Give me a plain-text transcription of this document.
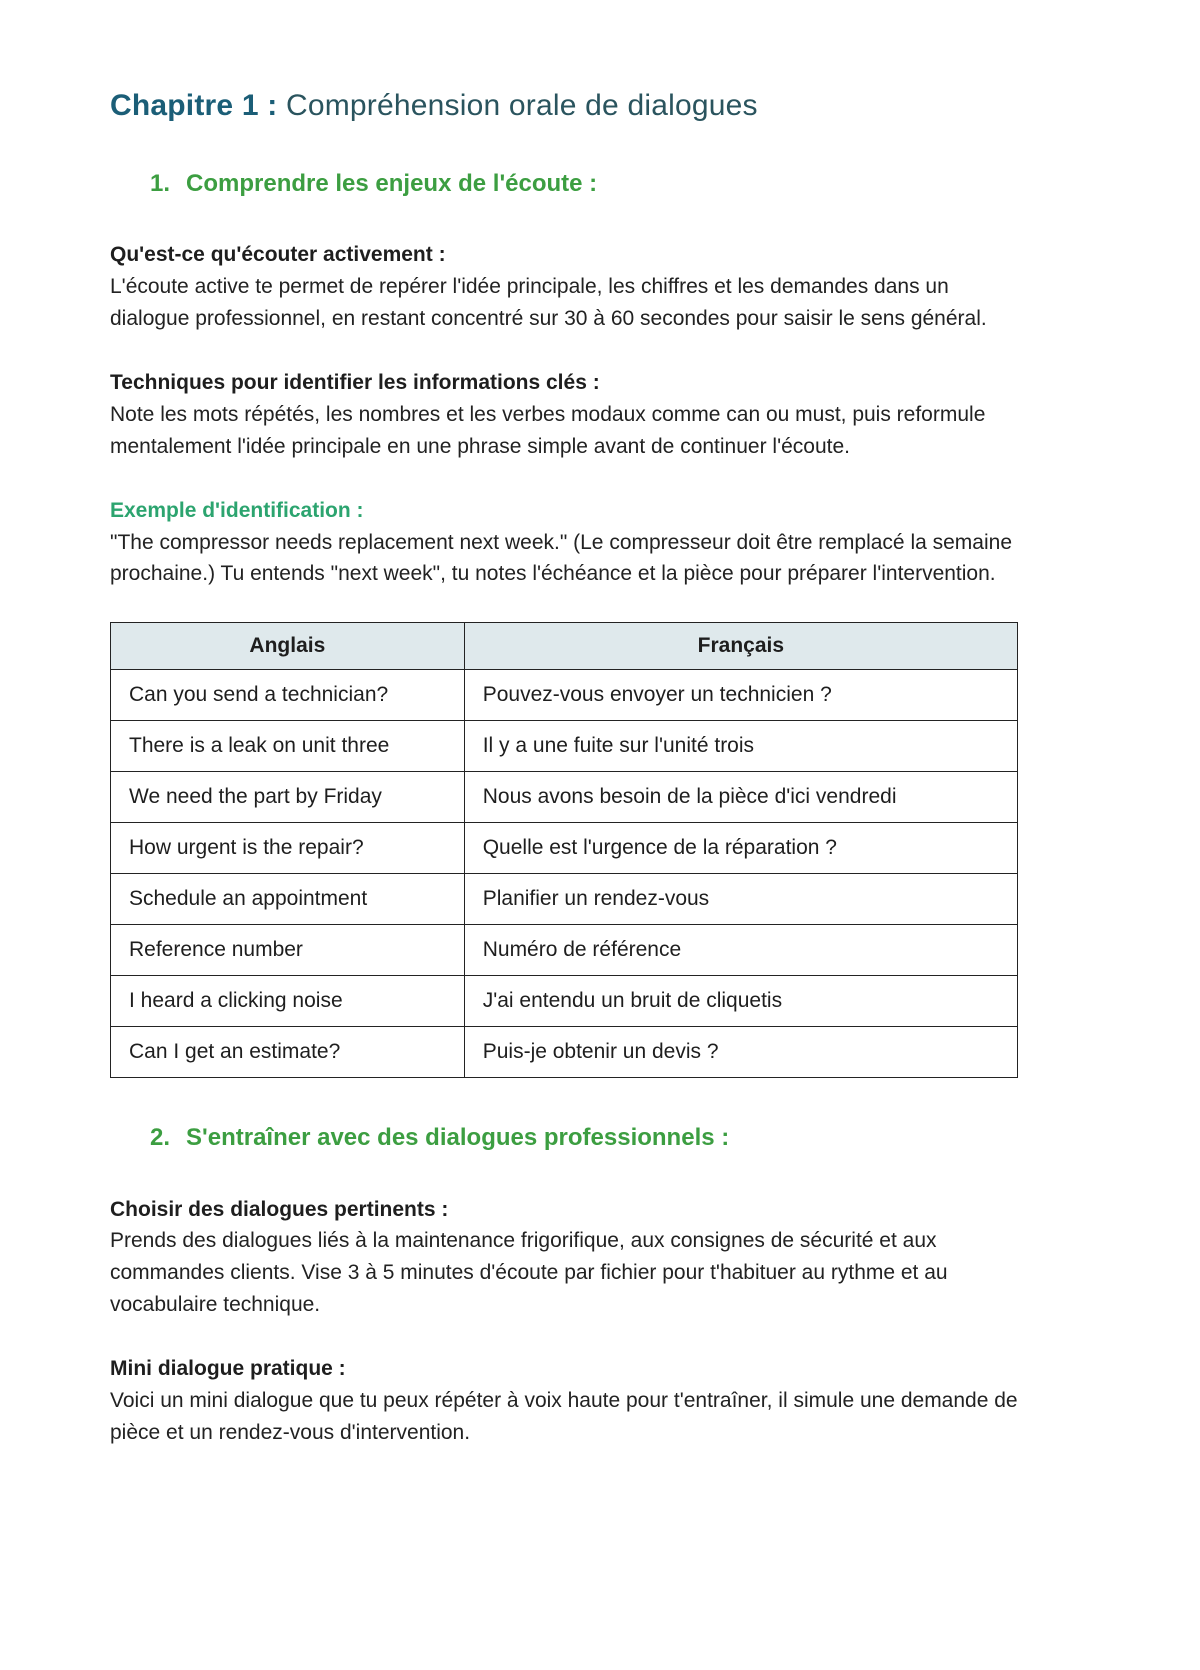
Chapitre 1 : Compréhension orale de dialogues
1. Comprendre les enjeux de l'écoute :
Qu'est-ce qu'écouter activement :

L'écoute active te permet de repérer l'idée principale, les chiffres et les demandes dans un dialogue professionnel, en restant concentré sur 30 à 60 secondes pour saisir le sens général.

Techniques pour identifier les informations clés :

Note les mots répétés, les nombres et les verbes modaux comme can ou must, puis reformule mentalement l'idée principale en une phrase simple avant de continuer l'écoute.

Exemple d'identification :

"The compressor needs replacement next week." (Le compresseur doit être remplacé la semaine prochaine.) Tu entends "next week", tu notes l'échéance et la pièce pour préparer l'intervention.

Anglais	Français
Can you send a technician?	Pouvez-vous envoyer un technicien ?
There is a leak on unit three	Il y a une fuite sur l'unité trois
We need the part by Friday	Nous avons besoin de la pièce d'ici vendredi
How urgent is the repair?	Quelle est l'urgence de la réparation ?
Schedule an appointment	Planifier un rendez-vous
Reference number	Numéro de référence
I heard a clicking noise	J'ai entendu un bruit de cliquetis
Can I get an estimate?	Puis-je obtenir un devis ?
2. S'entraîner avec des dialogues professionnels :
Choisir des dialogues pertinents :

Prends des dialogues liés à la maintenance frigorifique, aux consignes de sécurité et aux commandes clients. Vise 3 à 5 minutes d'écoute par fichier pour t'habituer au rythme et au vocabulaire technique.

Mini dialogue pratique :

Voici un mini dialogue que tu peux répéter à voix haute pour t'entraîner, il simule une demande de pièce et un rendez-vous d'intervention.
